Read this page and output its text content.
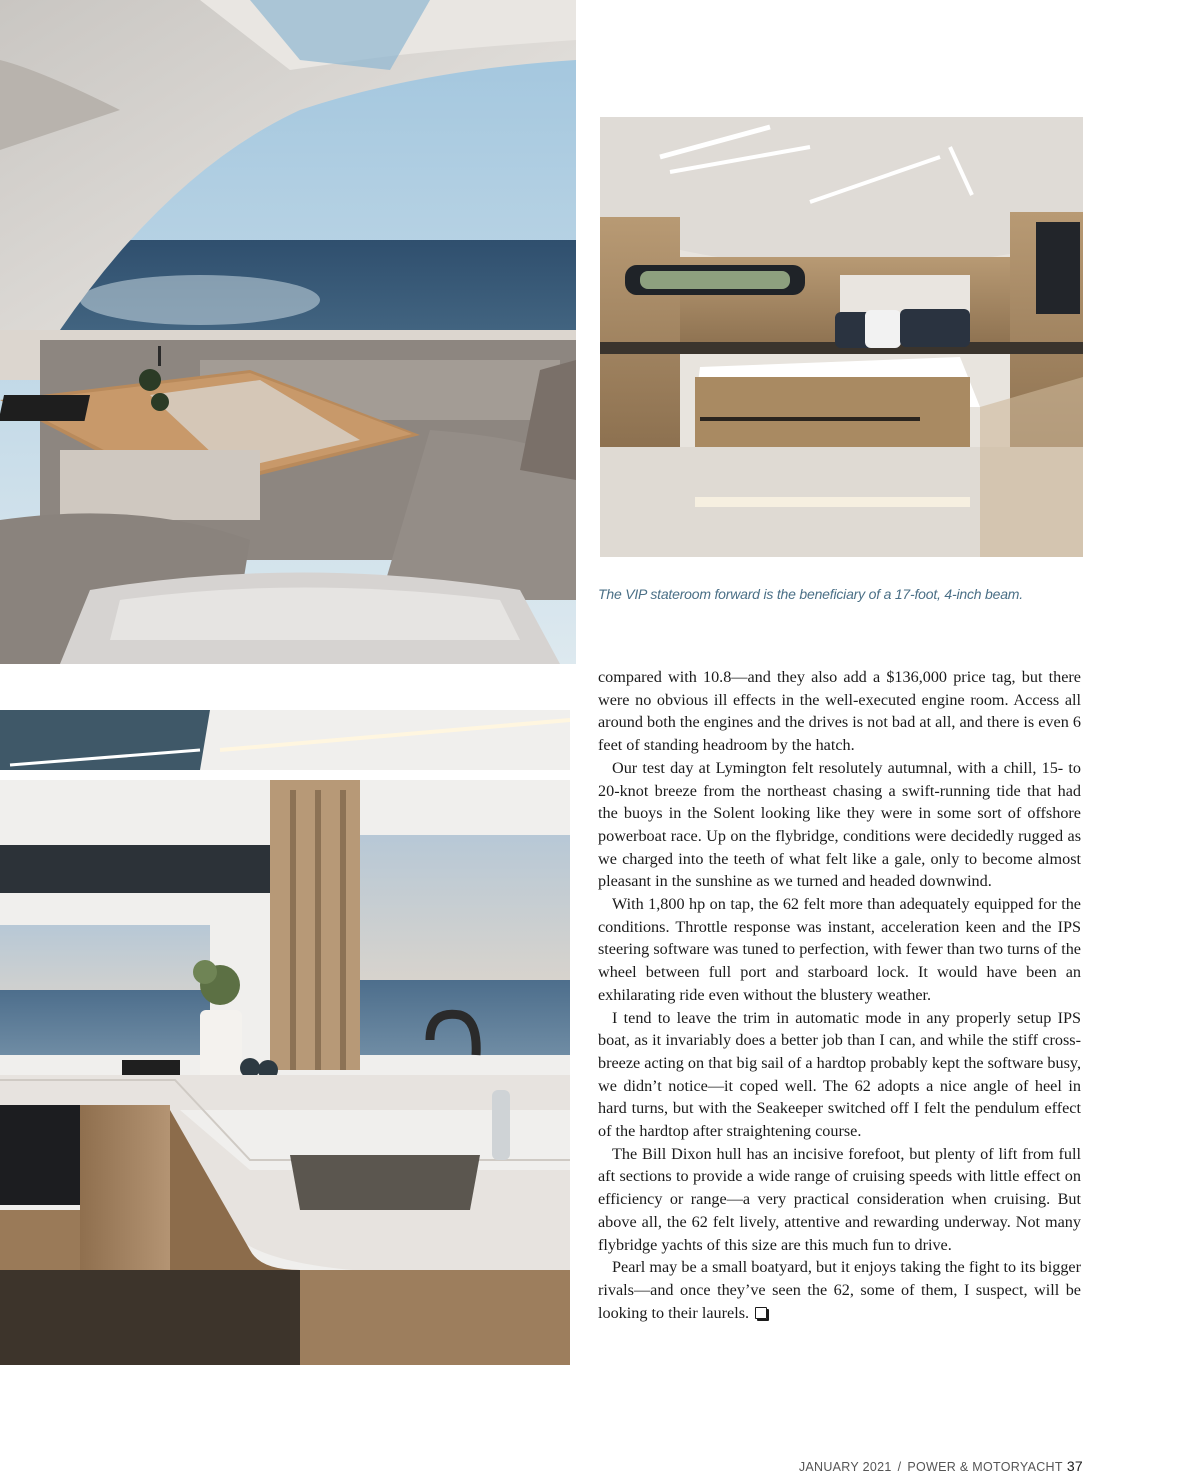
The VIP stateroom forward is the beneficiary of a 17-foot, 4-inch beam.

compared with 10.8—and they also add a $136,000 price tag, but there were no obvious ill effects in the well-executed engine room. Access all around both the engines and the drives is not bad at all, and there is even 6 feet of standing headroom by the hatch.

Our test day at Lymington felt resolutely autumnal, with a chill, 15- to 20-knot breeze from the northeast chasing a swift-running tide that had the buoys in the Solent looking like they were in some sort of offshore powerboat race. Up on the flybridge, conditions were decidedly rugged as we charged into the teeth of what felt like a gale, only to become almost pleasant in the sunshine as we turned and headed downwind.

With 1,800 hp on tap, the 62 felt more than adequately equipped for the conditions. Throttle response was instant, acceleration keen and the IPS steering software was tuned to perfection, with fewer than two turns of the wheel between full port and starboard lock. It would have been an exhilarating ride even without the blustery weather.

I tend to leave the trim in automatic mode in any properly setup IPS boat, as it invariably does a better job than I can, and while the stiff cross-breeze acting on that big sail of a hardtop probably kept the software busy, we didn’t notice—it coped well. The 62 adopts a nice angle of heel in hard turns, but with the Seakeeper switched off I felt the pendulum effect of the hardtop after straightening course.

The Bill Dixon hull has an incisive forefoot, but plenty of lift from full aft sections to provide a wide range of cruising speeds with little effect on efficiency or range—a very practical consideration when cruising. But above all, the 62 felt lively, attentive and rewarding underway. Not many flybridge yachts of this size are this much fun to drive.

Pearl may be a small boatyard, but it enjoys taking the fight to its bigger rivals—and once they’ve seen the 62, some of them, I suspect, will be looking to their laurels.

JANUARY 2021 / POWER & MOTORYACHT 37
